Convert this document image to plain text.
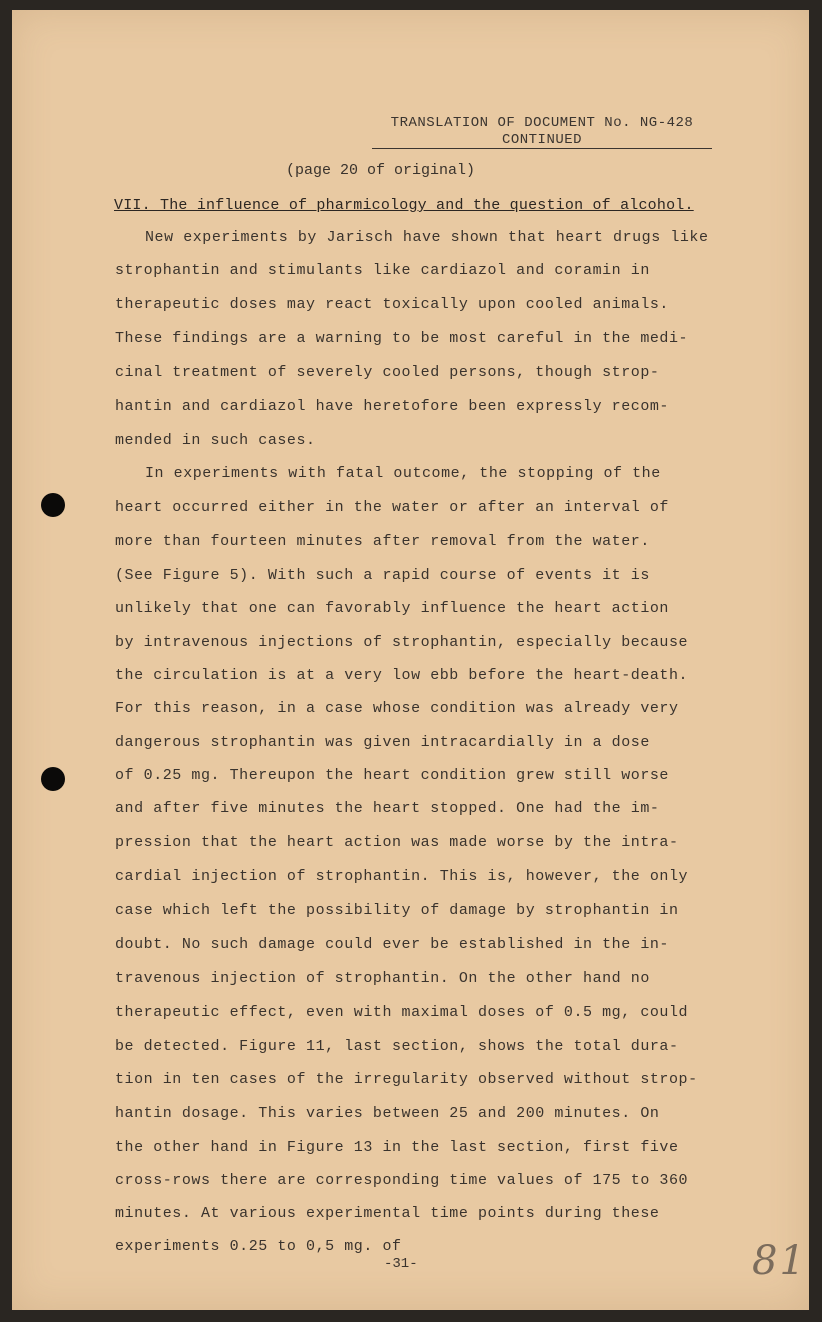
TRANSLATION OF DOCUMENT No. NG-428
CONTINUED
(page 20 of original)
VII. The influence of pharmicology and the question of alcohol.
New experiments by Jarisch have shown that heart drugs like
strophantin and stimulants like cardiazol and coramin in
therapeutic doses may react toxically upon cooled animals.
These findings are a warning to be most careful in the medi-
cinal treatment of severely cooled persons, though strop-
hantin and cardiazol have heretofore been expressly recom-
mended in such cases.
In experiments with fatal outcome, the stopping of the
heart occurred either in the water or after an interval of
more than fourteen minutes after removal from the water.
(See Figure 5). With such a rapid course of events it is
unlikely that one can favorably influence the heart action
by intravenous injections of strophantin, especially because
the circulation is at a very low ebb before the heart-death.
For this reason, in a case whose condition was already very
dangerous strophantin was given intracardially in a dose
of 0.25 mg. Thereupon the heart condition grew still worse
and after five minutes the heart stopped. One had the im-
pression that the heart action was made worse by the intra-
cardial injection of strophantin. This is, however, the only
case which left the possibility of damage by strophantin in
doubt. No such damage could ever be established in the in-
travenous injection of strophantin. On the other hand no
therapeutic effect, even with maximal doses of 0.5 mg, could
be detected. Figure 11, last section, shows the total dura-
tion in ten cases of the irregularity observed without strop-
hantin dosage. This varies between 25 and 200 minutes. On
the other hand in Figure 13 in the last section, first five
cross-rows there are corresponding time values of 175 to 360
minutes. At various experimental time points during these
experiments 0.25 to 0,5 mg. of
-31-	81
